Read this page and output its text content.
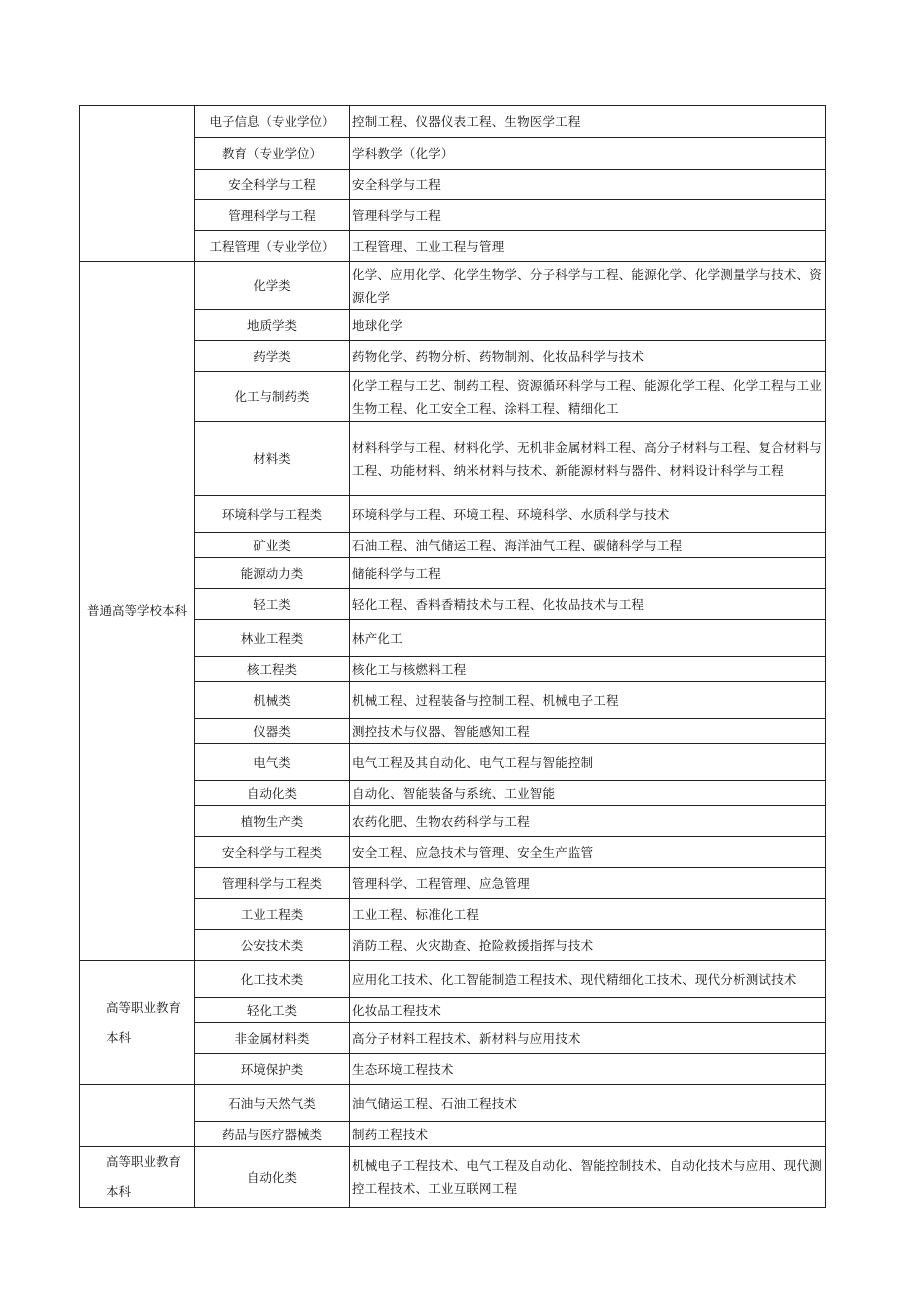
	电子信息（专业学位）	控制工程、仪器仪表工程、生物医学工程

	教育（专业学位）	学科教学（化学）

	安全科学与工程	安全科学与工程

	管理科学与工程	管理科学与工程

	工程管理（专业学位）	工程管理、工业工程与管理

普通高等学校本科	化学类	化学、应用化学、化学生物学、分子科学与工程、能源化学、化学测量学与技术、资源化学

	地质学类	地球化学

	药学类	药物化学、药物分析、药物制剂、化妆品科学与技术

	化工与制药类	化学工程与工艺、制药工程、资源循环科学与工程、能源化学工程、化学工程与工业生物工程、化工安全工程、涂料工程、精细化工

	材料类	材料科学与工程、材料化学、无机非金属材料工程、高分子材料与工程、复合材料与工程、功能材料、纳米材料与技术、新能源材料与器件、材料设计科学与工程

	环境科学与工程类	环境科学与工程、环境工程、环境科学、水质科学与技术

	矿业类	石油工程、油气储运工程、海洋油气工程、碳储科学与工程

	能源动力类	储能科学与工程

	轻工类	轻化工程、香料香精技术与工程、化妆品技术与工程

	林业工程类	林产化工

	核工程类	核化工与核燃料工程

	机械类	机械工程、过程装备与控制工程、机械电子工程

	仪器类	测控技术与仪器、智能感知工程

	电气类	电气工程及其自动化、电气工程与智能控制

	自动化类	自动化、智能装备与系统、工业智能

	植物生产类	农药化肥、生物农药科学与工程

	安全科学与工程类	安全工程、应急技术与管理、安全生产监管

	管理科学与工程类	管理科学、工程管理、应急管理

	工业工程类	工业工程、标准化工程

	公安技术类	消防工程、火灾勘查、抢险救援指挥与技术

高等职业教育本科	化工技术类	应用化工技术、化工智能制造工程技术、现代精细化工技术、现代分析测试技术

	轻化工类	化妆品工程技术

	非金属材料类	高分子材料工程技术、新材料与应用技术

	环境保护类	生态环境工程技术

	石油与天然气类	油气储运工程、石油工程技术

	药品与医疗器械类	制药工程技术

高等职业教育本科	自动化类	机械电子工程技术、电气工程及自动化、智能控制技术、自动化技术与应用、现代测控工程技术、工业互联网工程
